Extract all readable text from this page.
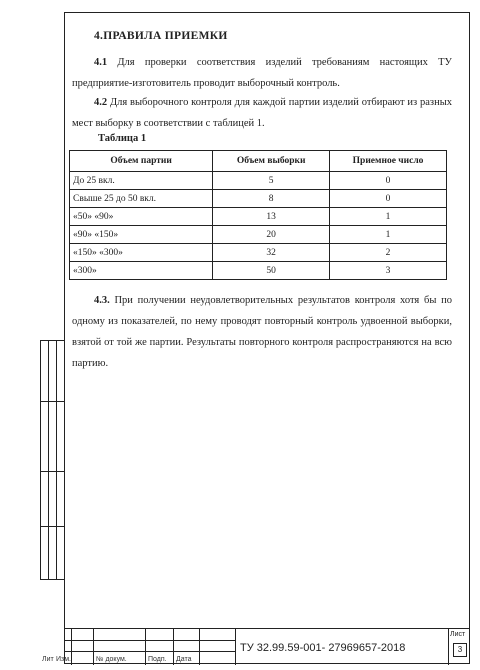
4.ПРАВИЛА ПРИЕМКИ
4.1 Для проверки соответствия изделий требованиям настоящих ТУ предприятие-изготовитель проводит выборочный контроль.
4.2 Для выборочного контроля для каждой партии изделий отбирают из разных мест выборку в соответствии с таблицей 1.
Таблица 1
Объем партии	Объем выборки	Приемное число
До 25 вкл.	5	0
Свыше 25 до 50 вкл.	8	0
«50» «90»	13	1
«90» «150»	20	1
«150» «300»	32	2
«300»	50	3
4.3. При получении неудовлетворительных результатов контроля хотя бы по одному из показателей, по нему проводят повторный контроль удвоенной выборки, взятой от той же партии. Результаты повторного контроля распространяются на всю партию.
Лит Изм.	№ докум.	Подп. Дата
ТУ 32.99.59-001- 27969657-2018
Лист
3
